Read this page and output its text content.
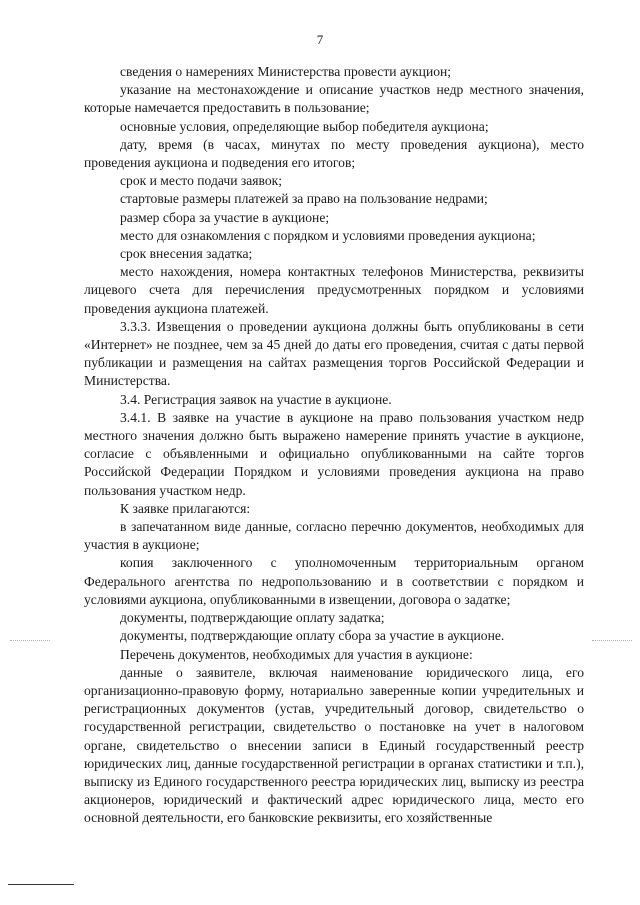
7

сведения о намерениях Министерства провести аукцион;

указание на местонахождение и описание участков недр местного значения, которые намечается предоставить в пользование;

основные условия, определяющие выбор победителя аукциона;

дату, время (в часах, минутах по месту проведения аукциона), место проведения аукциона и подведения его итогов;

срок и место подачи заявок;

стартовые размеры платежей за право на пользование недрами;

размер сбора за участие в аукционе;

место для ознакомления с порядком и условиями проведения аукциона;

срок внесения задатка;

место нахождения, номера контактных телефонов Министерства, реквизиты лицевого счета для перечисления предусмотренных порядком и условиями проведения аукциона платежей.

3.3.3. Извещения о проведении аукциона должны быть опубликованы в сети «Интернет» не позднее, чем за 45 дней до даты его проведения, считая с даты первой публикации и размещения на сайтах размещения торгов Российской Федерации и Министерства.

3.4. Регистрация заявок на участие в аукционе.

3.4.1. В заявке на участие в аукционе на право пользования участком недр местного значения должно быть выражено намерение принять участие в аукционе, согласие с объявленными и официально опубликованными на сайте торгов Российской Федерации Порядком и условиями проведения аукциона на право пользования участком недр.

К заявке прилагаются:

в запечатанном виде данные, согласно перечню документов, необходимых для участия в аукционе;

копия заключенного с уполномоченным территориальным органом Федерального агентства по недропользованию и в соответствии с порядком и условиями аукциона, опубликованными в извещении, договора о задатке;

документы, подтверждающие оплату задатка;

документы, подтверждающие оплату сбора за участие в аукционе.

Перечень документов, необходимых для участия в аукционе:

данные о заявителе, включая наименование юридического лица, его организационно-правовую форму, нотариально заверенные копии учредительных и регистрационных документов (устав, учредительный договор, свидетельство о государственной регистрации, свидетельство о постановке на учет в налоговом органе, свидетельство о внесении записи в Единый государственный реестр юридических лиц, данные государственной регистрации в органах статистики и т.п.), выписку из Единого государственного реестра юридических лиц, выписку из реестра акционеров, юридический и фактический адрес юридического лица, место его основной деятельности, его банковские реквизиты, его хозяйственные
